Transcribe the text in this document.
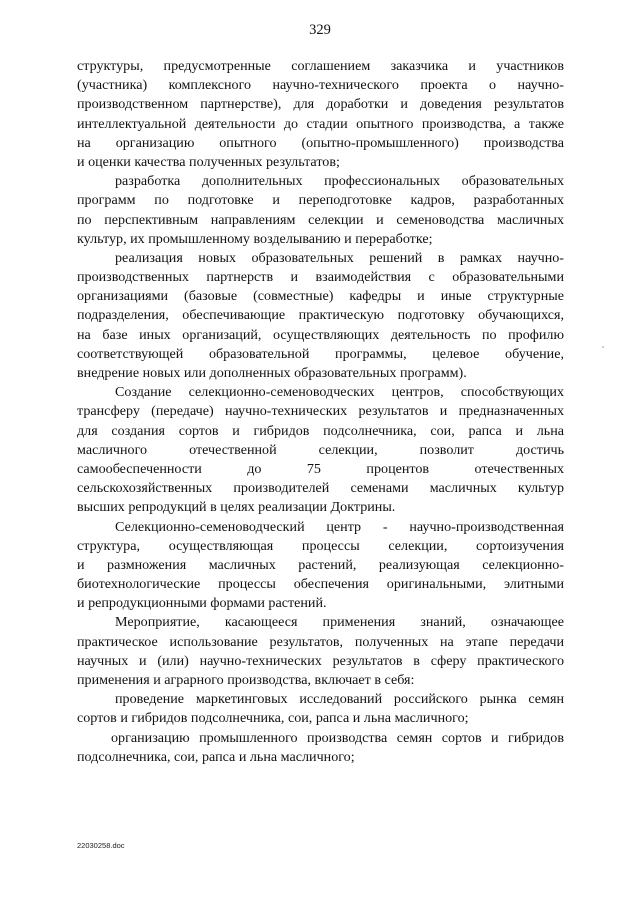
329
структуры, предусмотренные соглашением заказчика и участников
(участника) комплексного научно-технического проекта о научно-
производственном партнерстве), для доработки и доведения результатов
интеллектуальной деятельности до стадии опытного производства, а также
на организацию опытного (опытно-промышленного) производства
и оценки качества полученных результатов;
разработка дополнительных профессиональных образовательных
программ по подготовке и переподготовке кадров, разработанных
по перспективным направлениям селекции и семеноводства масличных
культур, их промышленному возделыванию и переработке;
реализация новых образовательных решений в рамках научно-
производственных партнерств и взаимодействия с образовательными
организациями (базовые (совместные) кафедры и иные структурные
подразделения, обеспечивающие практическую подготовку обучающихся,
на базе иных организаций, осуществляющих деятельность по профилю
соответствующей образовательной программы, целевое обучение,
внедрение новых или дополненных образовательных программ).
Создание селекционно-семеноводческих центров, способствующих
трансферу (передаче) научно-технических результатов и предназначенных
для создания сортов и гибридов подсолнечника, сои, рапса и льна
масличного отечественной селекции, позволит достичь
самообеспеченности до 75 процентов отечественных
сельскохозяйственных производителей семенами масличных культур
высших репродукций в целях реализации Доктрины.
Селекционно-семеноводческий центр - научно-производственная
структура, осуществляющая процессы селекции, сортоизучения
и размножения масличных растений, реализующая селекционно-
биотехнологические процессы обеспечения оригинальными, элитными
и репродукционными формами растений.
Мероприятие, касающееся применения знаний, означающее
практическое использование результатов, полученных на этапе передачи
научных и (или) научно-технических результатов в сферу практического
применения и аграрного производства, включает в себя:
проведение маркетинговых исследований российского рынка семян
сортов и гибридов подсолнечника, сои, рапса и льна масличного;
организацию промышленного производства семян сортов и гибридов
подсолнечника, сои, рапса и льна масличного;
22030258.doc
